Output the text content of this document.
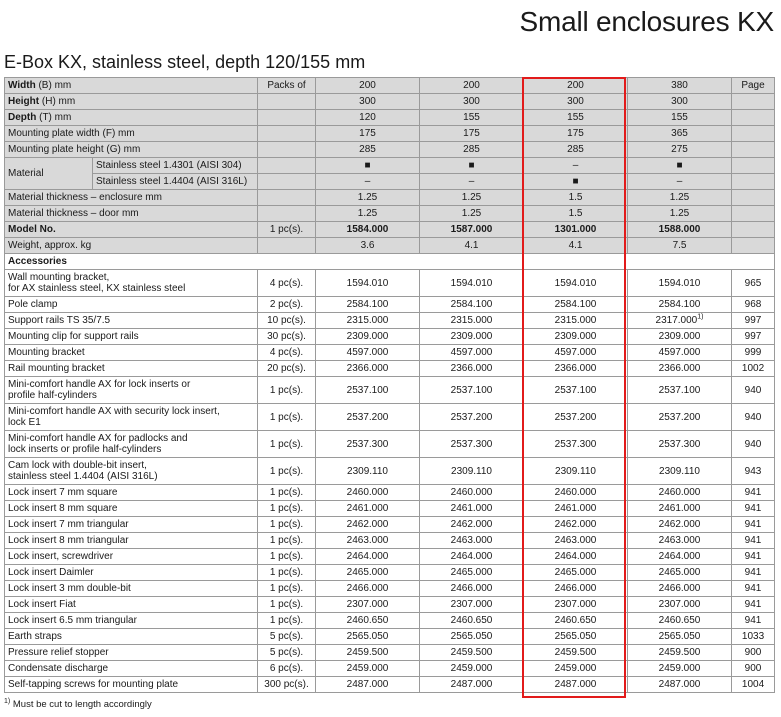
Small enclosures KX
E-Box KX, stainless steel, depth 120/155 mm
Width (B) mm		Packs of	200	200	200	380	Page
Height (H) mm			300	300	300	300	
Depth (T) mm			120	155	155	155	
Mounting plate width (F) mm			175	175	175	365	
Mounting plate height (G) mm			285	285	285	275	
Material	Stainless steel 1.4301 (AISI 304)		■	■	–	■	
	Stainless steel 1.4404 (AISI 316L)		–	–	■	–	
Material thickness – enclosure mm			1.25	1.25	1.5	1.25	
Material thickness – door mm			1.25	1.25	1.5	1.25	
Model No.		1 pc(s).	1584.000	1587.000	1301.000	1588.000	
Weight, approx. kg			3.6	4.1	4.1	7.5	
Accessories							
Wall mounting bracket,
for AX stainless steel, KX stainless steel		4 pc(s).	1594.010	1594.010	1594.010	1594.010	965
Pole clamp		2 pc(s).	2584.100	2584.100	2584.100	2584.100	968
Support rails TS 35/7.5		10 pc(s).	2315.000	2315.000	2315.000	2317.000$^{1)}$	997
Mounting clip for support rails		30 pc(s).	2309.000	2309.000	2309.000	2309.000	997
Mounting bracket		4 pc(s).	4597.000	4597.000	4597.000	4597.000	999
Rail mounting bracket		20 pc(s).	2366.000	2366.000	2366.000	2366.000	1002
Mini-comfort handle AX for lock inserts or
profile half-cylinders		1 pc(s).	2537.100	2537.100	2537.100	2537.100	940
Mini-comfort handle AX with security lock insert,
lock E1		1 pc(s).	2537.200	2537.200	2537.200	2537.200	940
Mini-comfort handle AX for padlocks and
lock inserts or profile half-cylinders		1 pc(s).	2537.300	2537.300	2537.300	2537.300	940
Cam lock with double-bit insert,
stainless steel 1.4404 (AISI 316L)		1 pc(s).	2309.110	2309.110	2309.110	2309.110	943
Lock insert 7 mm square		1 pc(s).	2460.000	2460.000	2460.000	2460.000	941
Lock insert 8 mm square		1 pc(s).	2461.000	2461.000	2461.000	2461.000	941
Lock insert 7 mm triangular		1 pc(s).	2462.000	2462.000	2462.000	2462.000	941
Lock insert 8 mm triangular		1 pc(s).	2463.000	2463.000	2463.000	2463.000	941
Lock insert, screwdriver		1 pc(s).	2464.000	2464.000	2464.000	2464.000	941
Lock insert Daimler		1 pc(s).	2465.000	2465.000	2465.000	2465.000	941
Lock insert 3 mm double-bit		1 pc(s).	2466.000	2466.000	2466.000	2466.000	941
Lock insert Fiat		1 pc(s).	2307.000	2307.000	2307.000	2307.000	941
Lock insert 6.5 mm triangular		1 pc(s).	2460.650	2460.650	2460.650	2460.650	941
Earth straps		5 pc(s).	2565.050	2565.050	2565.050	2565.050	1033
Pressure relief stopper		5 pc(s).	2459.500	2459.500	2459.500	2459.500	900
Condensate discharge		6 pc(s).	2459.000	2459.000	2459.000	2459.000	900
Self-tapping screws for mounting plate		300 pc(s).	2487.000	2487.000	2487.000	2487.000	1004
$^{1)}$ Must be cut to length accordingly
